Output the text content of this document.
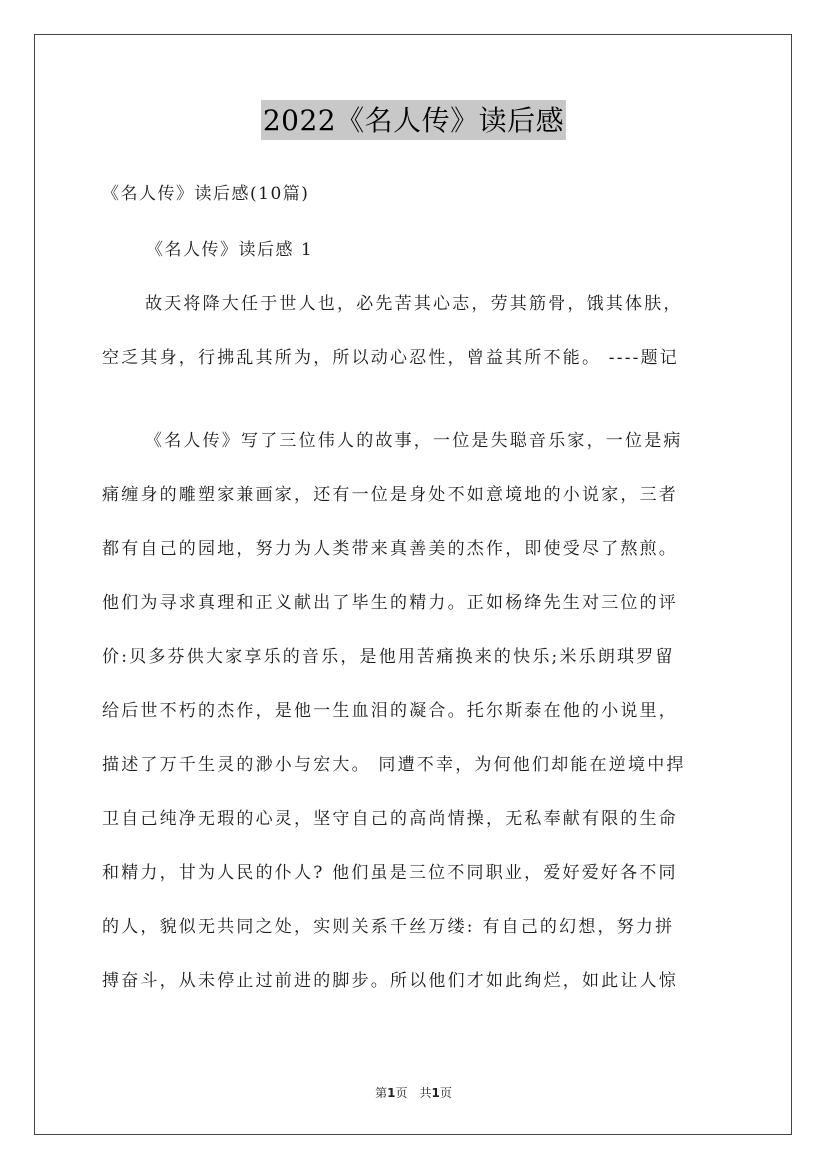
2022《名人传》读后感
《名人传》读后感(10篇)
《名人传》读后感 1
故天将降大任于世人也，必先苦其心志，劳其筋骨，饿其体肤，
空乏其身，行拂乱其所为，所以动心忍性，曾益其所不能。 ----题记
《名人传》写了三位伟人的故事，一位是失聪音乐家，一位是病
痛缠身的雕塑家兼画家，还有一位是身处不如意境地的小说家，三者
都有自己的园地，努力为人类带来真善美的杰作，即使受尽了熬煎。
他们为寻求真理和正义献出了毕生的精力。正如杨绛先生对三位的评
价:贝多芬供大家享乐的音乐，是他用苦痛换来的快乐;米乐朗琪罗留
给后世不朽的杰作，是他一生血泪的凝合。托尔斯泰在他的小说里，
描述了万千生灵的渺小与宏大。 同遭不幸，为何他们却能在逆境中捍
卫自己纯净无瑕的心灵，坚守自己的高尚情操，无私奉献有限的生命
和精力，甘为人民的仆人? 他们虽是三位不同职业，爱好爱好各不同
的人，貌似无共同之处，实则关系千丝万缕: 有自己的幻想，努力拼
搏奋斗，从未停止过前进的脚步。所以他们才如此绚烂，如此让人惊
第1页　共1页
